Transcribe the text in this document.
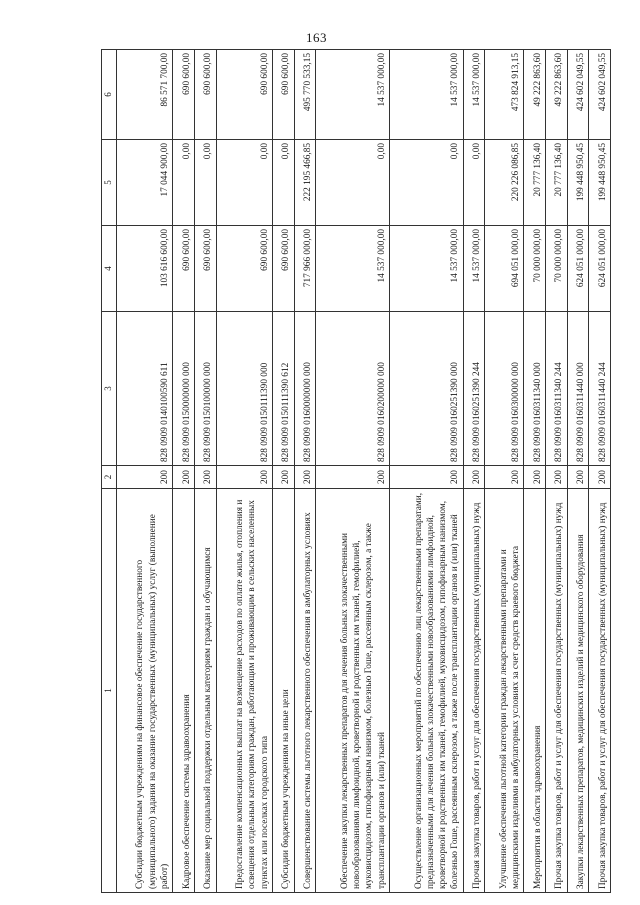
163
1	2	3	4	5	6
Субсидии бюджетным учреждениям на финансовое обеспечение государственного (муниципального) задания на оказание государственных (муниципальных) услуг (выполнение работ)	200	828 0909 0140100590 611	103 616 600,00	17 044 900,00	86 571 700,00
Кадровое обеспечение системы здравоохранения	200	828 0909 0150000000 000	690 600,00	0,00	690 600,00
Оказание мер социальной поддержки отдельным категориям граждан и обучающимся	200	828 0909 0150100000 000	690 600,00	0,00	690 600,00
Предоставление компенсационных выплат на возмещение расходов по оплате жилья, отопления и освещения отдельным категориям граждан, работающим и проживающим в сельских населенных пунктах или поселках городского типа	200	828 0909 0150111390 000	690 600,00	0,00	690 600,00
Субсидии бюджетным учреждениям на иные цели	200	828 0909 0150111390 612	690 600,00	0,00	690 600,00
Совершенствование системы льготного лекарственного обеспечения в амбулаторных условиях	200	828 0909 0160000000 000	717 966 000,00	222 195 466,85	495 770 533,15
Обеспечение закупки лекарственных препаратов для лечения больных злокачественными новообразованиями лимфоидной, кроветворной и родственных им тканей, гемофилией, муковисцидозом, гипофизарным нанизмом, болезнью Гоше, рассеянным склерозом, а также трансплантации органов и (или) тканей	200	828 0909 0160200000 000	14 537 000,00	0,00	14 537 000,00
Осуществление организационных мероприятий по обеспечению лиц лекарственными препаратами, предназначенными для лечения больных злокачественными новообразованиями лимфоидной, кроветворной и родственных им тканей, гемофилией, муковисцидозом, гипофизарным нанизмом, болезнью Гоше, рассеянным склерозом, а также после трансплантации органов и (или) тканей	200	828 0909 0160251390 000	14 537 000,00	0,00	14 537 000,00
Прочая закупка товаров, работ и услуг для обеспечения государственных (муниципальных) нужд	200	828 0909 0160251390 244	14 537 000,00	0,00	14 537 000,00
Улучшение обеспечения льготной категории граждан лекарственными препаратами и медицинскими изделиями в амбулаторных условиях за счет средств краевого бюджета	200	828 0909 0160300000 000	694 051 000,00	220 226 086,85	473 824 913,15
Мероприятия в области здравоохранения	200	828 0909 0160311340 000	70 000 000,00	20 777 136,40	49 222 863,60
Прочая закупка товаров, работ и услуг для обеспечения государственных (муниципальных) нужд	200	828 0909 0160311340 244	70 000 000,00	20 777 136,40	49 222 863,60
Закупки лекарственных препаратов, медицинских изделий и медицинского оборудования	200	828 0909 0160311440 000	624 051 000,00	199 448 950,45	424 602 049,55
Прочая закупка товаров, работ и услуг для обеспечения государственных (муниципальных) нужд	200	828 0909 0160311440 244	624 051 000,00	199 448 950,45	424 602 049,55
